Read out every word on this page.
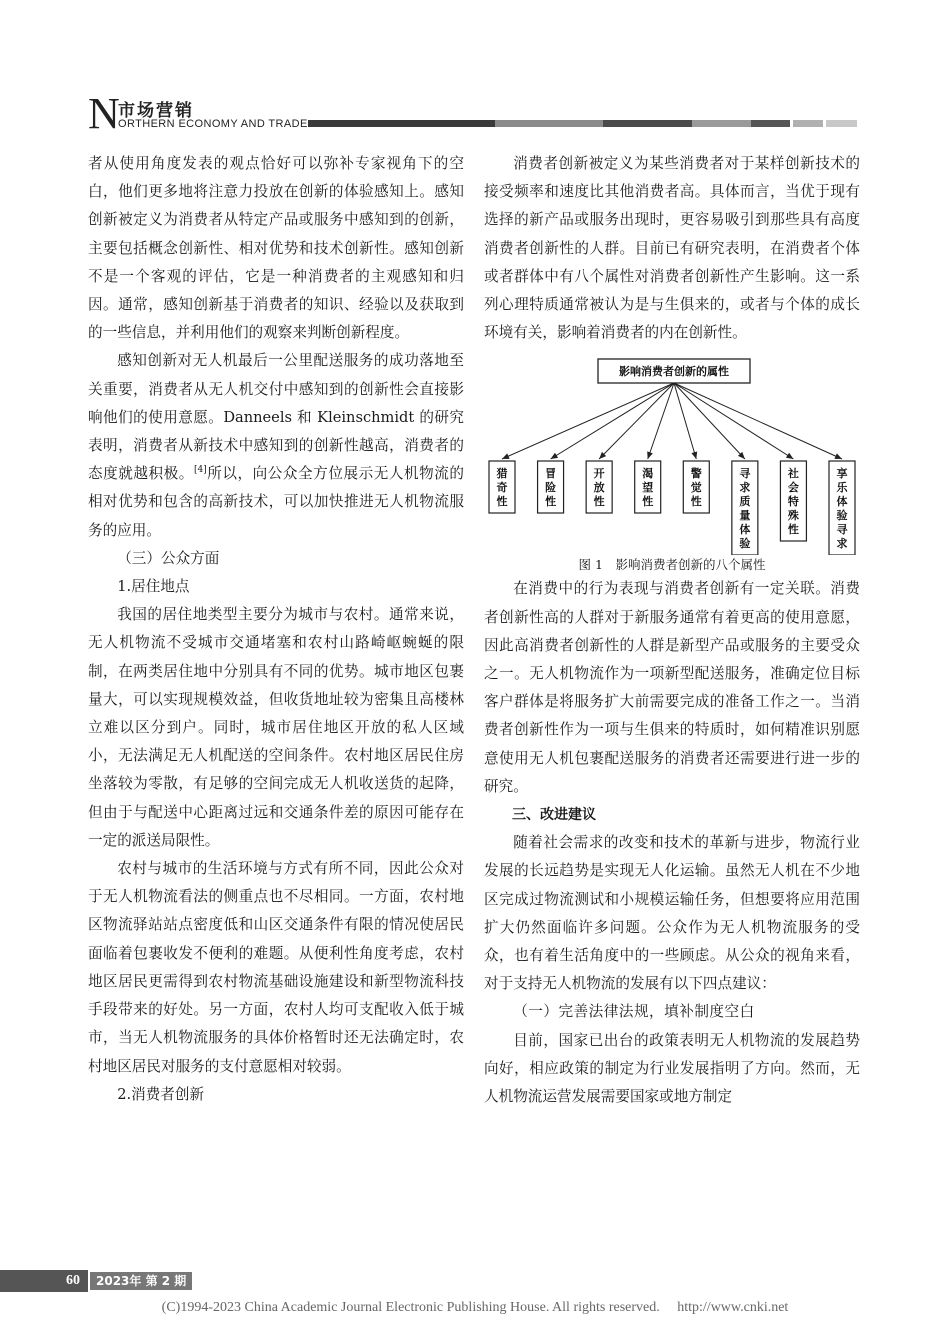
N
市场营销
ORTHERN ECONOMY AND TRADE

者从使用角度发表的观点恰好可以弥补专家视角下的空白，他们更多地将注意力投放在创新的体验感知上。感知创新被定义为消费者从特定产品或服务中感知到的创新，主要包括概念创新性、相对优势和技术创新性。感知创新不是一个客观的评估，它是一种消费者的主观感知和归因。通常，感知创新基于消费者的知识、经验以及获取到的一些信息，并利用他们的观察来判断创新程度。

感知创新对无人机最后一公里配送服务的成功落地至关重要，消费者从无人机交付中感知到的创新性会直接影响他们的使用意愿。Danneels 和 Kleinschmidt 的研究表明，消费者从新技术中感知到的创新性越高，消费者的态度就越积极。[4]所以，向公众全方位展示无人机物流的相对优势和包含的高新技术，可以加快推进无人机物流服务的应用。

（三）公众方面

1.居住地点

我国的居住地类型主要分为城市与农村。通常来说，无人机物流不受城市交通堵塞和农村山路崎岖蜿蜒的限制，在两类居住地中分别具有不同的优势。城市地区包裹量大，可以实现规模效益，但收货地址较为密集且高楼林立难以区分到户。同时，城市居住地区开放的私人区域小，无法满足无人机配送的空间条件。农村地区居民住房坐落较为零散，有足够的空间完成无人机收送货的起降，但由于与配送中心距离过远和交通条件差的原因可能存在一定的派送局限性。

农村与城市的生活环境与方式有所不同，因此公众对于无人机物流看法的侧重点也不尽相同。一方面，农村地区物流驿站站点密度低和山区交通条件有限的情况使居民面临着包裹收发不便利的难题。从便利性角度考虑，农村地区居民更需得到农村物流基础设施建设和新型物流科技手段带来的好处。另一方面，农村人均可支配收入低于城市，当无人机物流服务的具体价格暂时还无法确定时，农村地区居民对服务的支付意愿相对较弱。

2.消费者创新

消费者创新被定义为某些消费者对于某样创新技术的接受频率和速度比其他消费者高。具体而言，当优于现有选择的新产品或服务出现时，更容易吸引到那些具有高度消费者创新性的人群。目前已有研究表明，在消费者个体或者群体中有八个属性对消费者创新性产生影响。这一系列心理特质通常被认为是与生俱来的，或者与个体的成长环境有关，影响着消费者的内在创新性。

影响消费者创新的属性
猎奇性
冒险性
开放性
渴望性
警觉性
寻求质量体验
社会特殊性
享乐体验寻求

图 1　影响消费者创新的八个属性

在消费中的行为表现与消费者创新有一定关联。消费者创新性高的人群对于新服务通常有着更高的使用意愿，因此高消费者创新性的人群是新型产品或服务的主要受众之一。无人机物流作为一项新型配送服务，准确定位目标客户群体是将服务扩大前需要完成的准备工作之一。当消费者创新性作为一项与生俱来的特质时，如何精准识别愿意使用无人机包裹配送服务的消费者还需要进行进一步的研究。

三、改进建议

随着社会需求的改变和技术的革新与进步，物流行业发展的长远趋势是实现无人化运输。虽然无人机在不少地区完成过物流测试和小规模运输任务，但想要将应用范围扩大仍然面临许多问题。公众作为无人机物流服务的受众，也有着生活角度中的一些顾虑。从公众的视角来看，对于支持无人机物流的发展有以下四点建议：

（一）完善法律法规，填补制度空白

目前，国家已出台的政策表明无人机物流的发展趋势向好，相应政策的制定为行业发展指明了方向。然而，无人机物流运营发展需要国家或地方制定

60	2023年 第 2 期
(C)1994-2023 China Academic Journal Electronic Publishing House. All rights reserved.　 http://www.cnki.net
